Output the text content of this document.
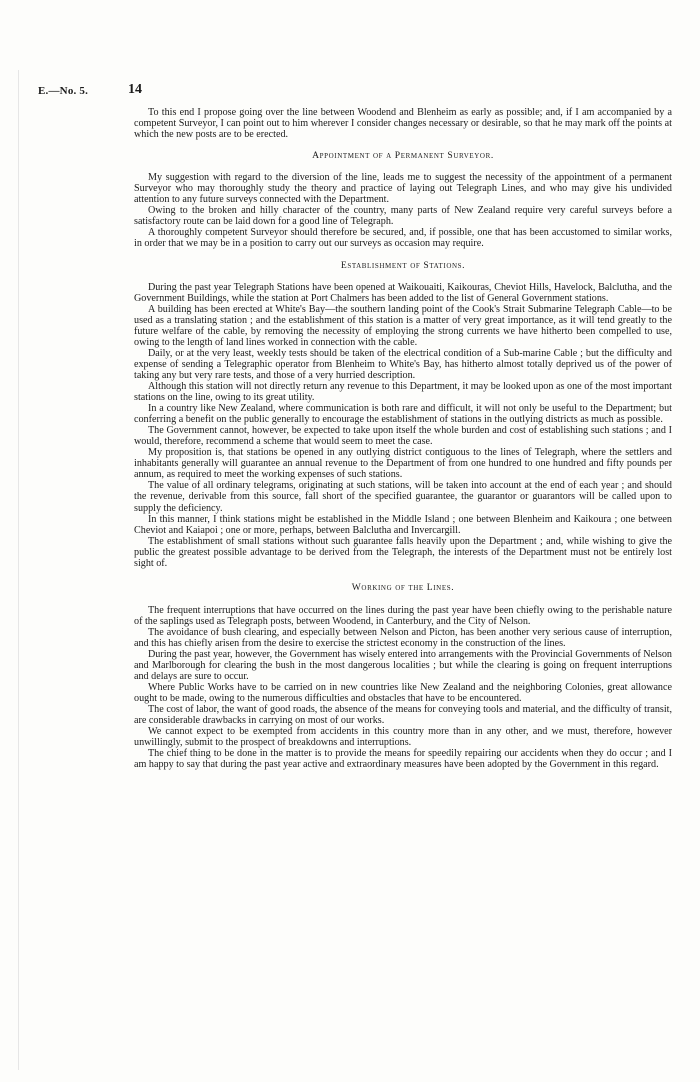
E.—No. 5.	14

To this end I propose going over the line between Woodend and Blenheim as early as possible; and, if I am accompanied by a competent Surveyor, I can point out to him wherever I consider changes necessary or desirable, so that he may mark off the points at which the new posts are to be erected.

Appointment of a Permanent Surveyor.

My suggestion with regard to the diversion of the line, leads me to suggest the necessity of the appointment of a permanent Surveyor who may thoroughly study the theory and practice of laying out Telegraph Lines, and who may give his undivided attention to any future surveys connected with the Department.

Owing to the broken and hilly character of the country, many parts of New Zealand require very careful surveys before a satisfactory route can be laid down for a good line of Telegraph.

A thoroughly competent Surveyor should therefore be secured, and, if possible, one that has been accustomed to similar works, in order that we may be in a position to carry out our surveys as occasion may require.

Establishment of Stations.

During the past year Telegraph Stations have been opened at Waikouaiti, Kaikouras, Cheviot Hills, Havelock, Balclutha, and the Government Buildings, while the station at Port Chalmers has been added to the list of General Government stations.

A building has been erected at White's Bay—the southern landing point of the Cook's Strait Submarine Telegraph Cable—to be used as a translating station ; and the establishment of this station is a matter of very great importance, as it will tend greatly to the future welfare of the cable, by removing the necessity of employing the strong currents we have hitherto been compelled to use, owing to the length of land lines worked in connection with the cable.

Daily, or at the very least, weekly tests should be taken of the electrical condition of a Sub-marine Cable ; but the difficulty and expense of sending a Telegraphic operator from Blenheim to White's Bay, has hitherto almost totally deprived us of the power of taking any but very rare tests, and those of a very hurried description.

Although this station will not directly return any revenue to this Department, it may be looked upon as one of the most important stations on the line, owing to its great utility.

In a country like New Zealand, where communication is both rare and difficult, it will not only be useful to the Department; but conferring a benefit on the public generally to encourage the establishment of stations in the outlying districts as much as possible.

The Government cannot, however, be expected to take upon itself the whole burden and cost of establishing such stations ; and I would, therefore, recommend a scheme that would seem to meet the case.

My proposition is, that stations be opened in any outlying district contiguous to the lines of Telegraph, where the settlers and inhabitants generally will guarantee an annual revenue to the Department of from one hundred to one hundred and fifty pounds per annum, as required to meet the working expenses of such stations.

The value of all ordinary telegrams, originating at such stations, will be taken into account at the end of each year ; and should the revenue, derivable from this source, fall short of the specified guarantee, the guarantor or guarantors will be called upon to supply the deficiency.

In this manner, I think stations might be established in the Middle Island ; one between Blenheim and Kaikoura ; one between Cheviot and Kaiapoi ; one or more, perhaps, between Balclutha and Invercargill.

The establishment of small stations without such guarantee falls heavily upon the Department ; and, while wishing to give the public the greatest possible advantage to be derived from the Telegraph, the interests of the Department must not be entirely lost sight of.

Working of the Lines.

The frequent interruptions that have occurred on the lines during the past year have been chiefly owing to the perishable nature of the saplings used as Telegraph posts, between Woodend, in Canterbury, and the City of Nelson.

The avoidance of bush clearing, and especially between Nelson and Picton, has been another very serious cause of interruption, and this has chiefly arisen from the desire to exercise the strictest economy in the construction of the lines.

During the past year, however, the Government has wisely entered into arrangements with the Provincial Governments of Nelson and Marlborough for clearing the bush in the most dangerous localities ; but while the clearing is going on frequent interruptions and delays are sure to occur.

Where Public Works have to be carried on in new countries like New Zealand and the neighboring Colonies, great allowance ought to be made, owing to the numerous difficulties and obstacles that have to be encountered.

The cost of labor, the want of good roads, the absence of the means for conveying tools and material, and the difficulty of transit, are considerable drawbacks in carrying on most of our works.

We cannot expect to be exempted from accidents in this country more than in any other, and we must, therefore, however unwillingly, submit to the prospect of breakdowns and interruptions.

The chief thing to be done in the matter is to provide the means for speedily repairing our accidents when they do occur ; and I am happy to say that during the past year active and extraordinary measures have been adopted by the Government in this regard.
